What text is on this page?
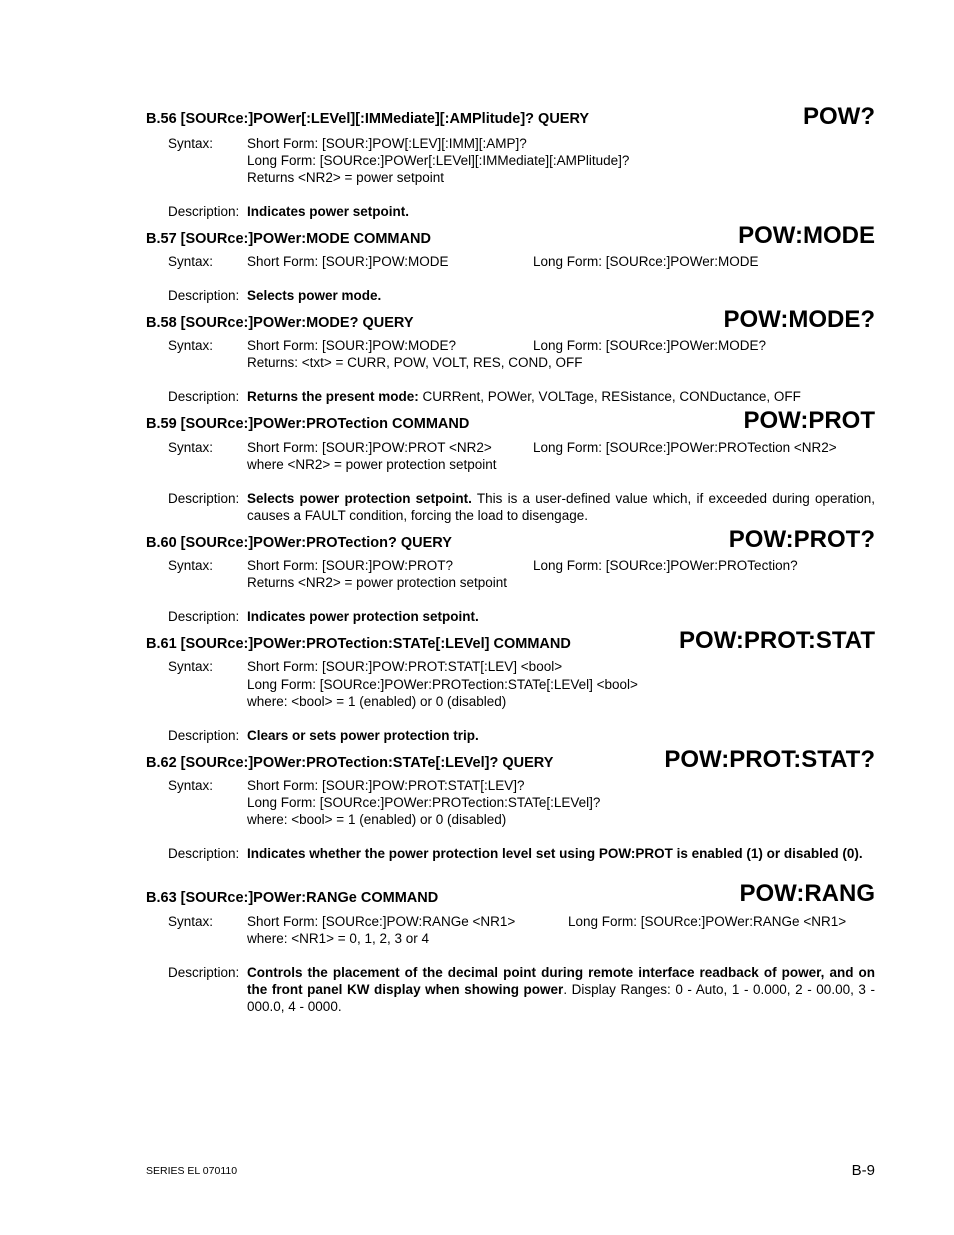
B.56 [SOURce:]POWer[:LEVel][:IMMediate][:AMPlitude]? QUERY	POW?
Syntax:	Short Form: [SOUR:]POW[:LEV][:IMM][:AMP]?
Long Form: [SOURce:]POWer[:LEVel][:IMMediate][:AMPlitude]?
Returns <NR2> = power setpoint
Description: Indicates power setpoint.
B.57 [SOURce:]POWer:MODE COMMAND	POW:MODE
Syntax:	Short Form: [SOUR:]POW:MODE	Long Form: [SOURce:]POWer:MODE
Description: Selects power mode.
B.58 [SOURce:]POWer:MODE? QUERY	POW:MODE?
Syntax:	Short Form: [SOUR:]POW:MODE?	Long Form: [SOURce:]POWer:MODE?
Returns: <txt> = CURR, POW, VOLT, RES, COND, OFF
Description: Returns the present mode: CURRent, POWer, VOLTage, RESistance, CONDuctance, OFF
B.59 [SOURce:]POWer:PROTection COMMAND	POW:PROT
Syntax:	Short Form: [SOUR:]POW:PROT <NR2>	Long Form: [SOURce:]POWer:PROTection <NR2>
where <NR2> = power protection setpoint
Description: Selects power protection setpoint. This is a user-defined value which, if exceeded during operation, causes a FAULT condition, forcing the load to disengage.
B.60 [SOURce:]POWer:PROTection? QUERY	POW:PROT?
Syntax:	Short Form: [SOUR:]POW:PROT?	Long Form: [SOURce:]POWer:PROTection?
Returns <NR2> = power protection setpoint
Description: Indicates power protection setpoint.
B.61 [SOURce:]POWer:PROTection:STATe[:LEVel] COMMAND	POW:PROT:STAT
Syntax:	Short Form: [SOUR:]POW:PROT:STAT[:LEV] <bool>
Long Form: [SOURce:]POWer:PROTection:STATe[:LEVel] <bool>
where: <bool> = 1 (enabled) or 0 (disabled)
Description: Clears or sets power protection trip.
B.62 [SOURce:]POWer:PROTection:STATe[:LEVel]? QUERY	POW:PROT:STAT?
Syntax:	Short Form: [SOUR:]POW:PROT:STAT[:LEV]?
Long Form: [SOURce:]POWer:PROTection:STATe[:LEVel]?
where: <bool> = 1 (enabled) or 0 (disabled)
Description: Indicates whether the power protection level set using POW:PROT is enabled (1) or disabled (0).
B.63 [SOURce:]POWer:RANGe COMMAND	POW:RANG
Syntax:	Short Form: [SOURce:]POW:RANGe <NR1>	Long Form: [SOURce:]POWer:RANGe <NR1>
where: <NR1> = 0, 1, 2, 3 or 4
Description: Controls the placement of the decimal point during remote interface readback of power, and on the front panel KW display when showing power. Display Ranges: 0 - Auto, 1 - 0.000, 2 - 00.00, 3 - 000.0, 4 - 0000.
SERIES EL 070110	B-9
